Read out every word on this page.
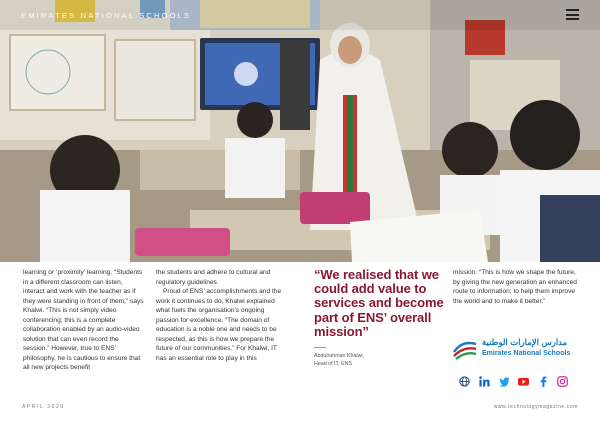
EMIRATES NATIONAL SCHOOLS

learning or ‘proximity’ learning. “Students in a different classroom can listen, interact and work with the teacher as if they were standing in front of them,” says Khalwi. “This is not simply video conferencing; this is a complete collaboration enabled by an audio-video solution that can even record the session.” However, true to ENS’ philosophy, he is cautious to ensure that all new projects benefit

the students and adhere to cultural and regulatory guidelines.

Proud of ENS’ accomplishments and the work it continues to do, Khalwi explained what fuels the organisation’s ongoing passion for excellence. “The domain of education is a noble one and needs to be respected, as this is how we prepare the future of our communities.” For Khalwi, IT has an essential role to play in this

“We realised that we could add value to services and become part of ENS’ overall mission”
Abdulrahman Khalwi,
Head of IT, ENS

mission. “This is how we shape the future, by giving the new generation an enhanced route to information; to help them improve the world and to make it better.”

مدارس الإمارات الوطنية
Emirates National Schools
APRIL 2020	www.technologymagazine.com
